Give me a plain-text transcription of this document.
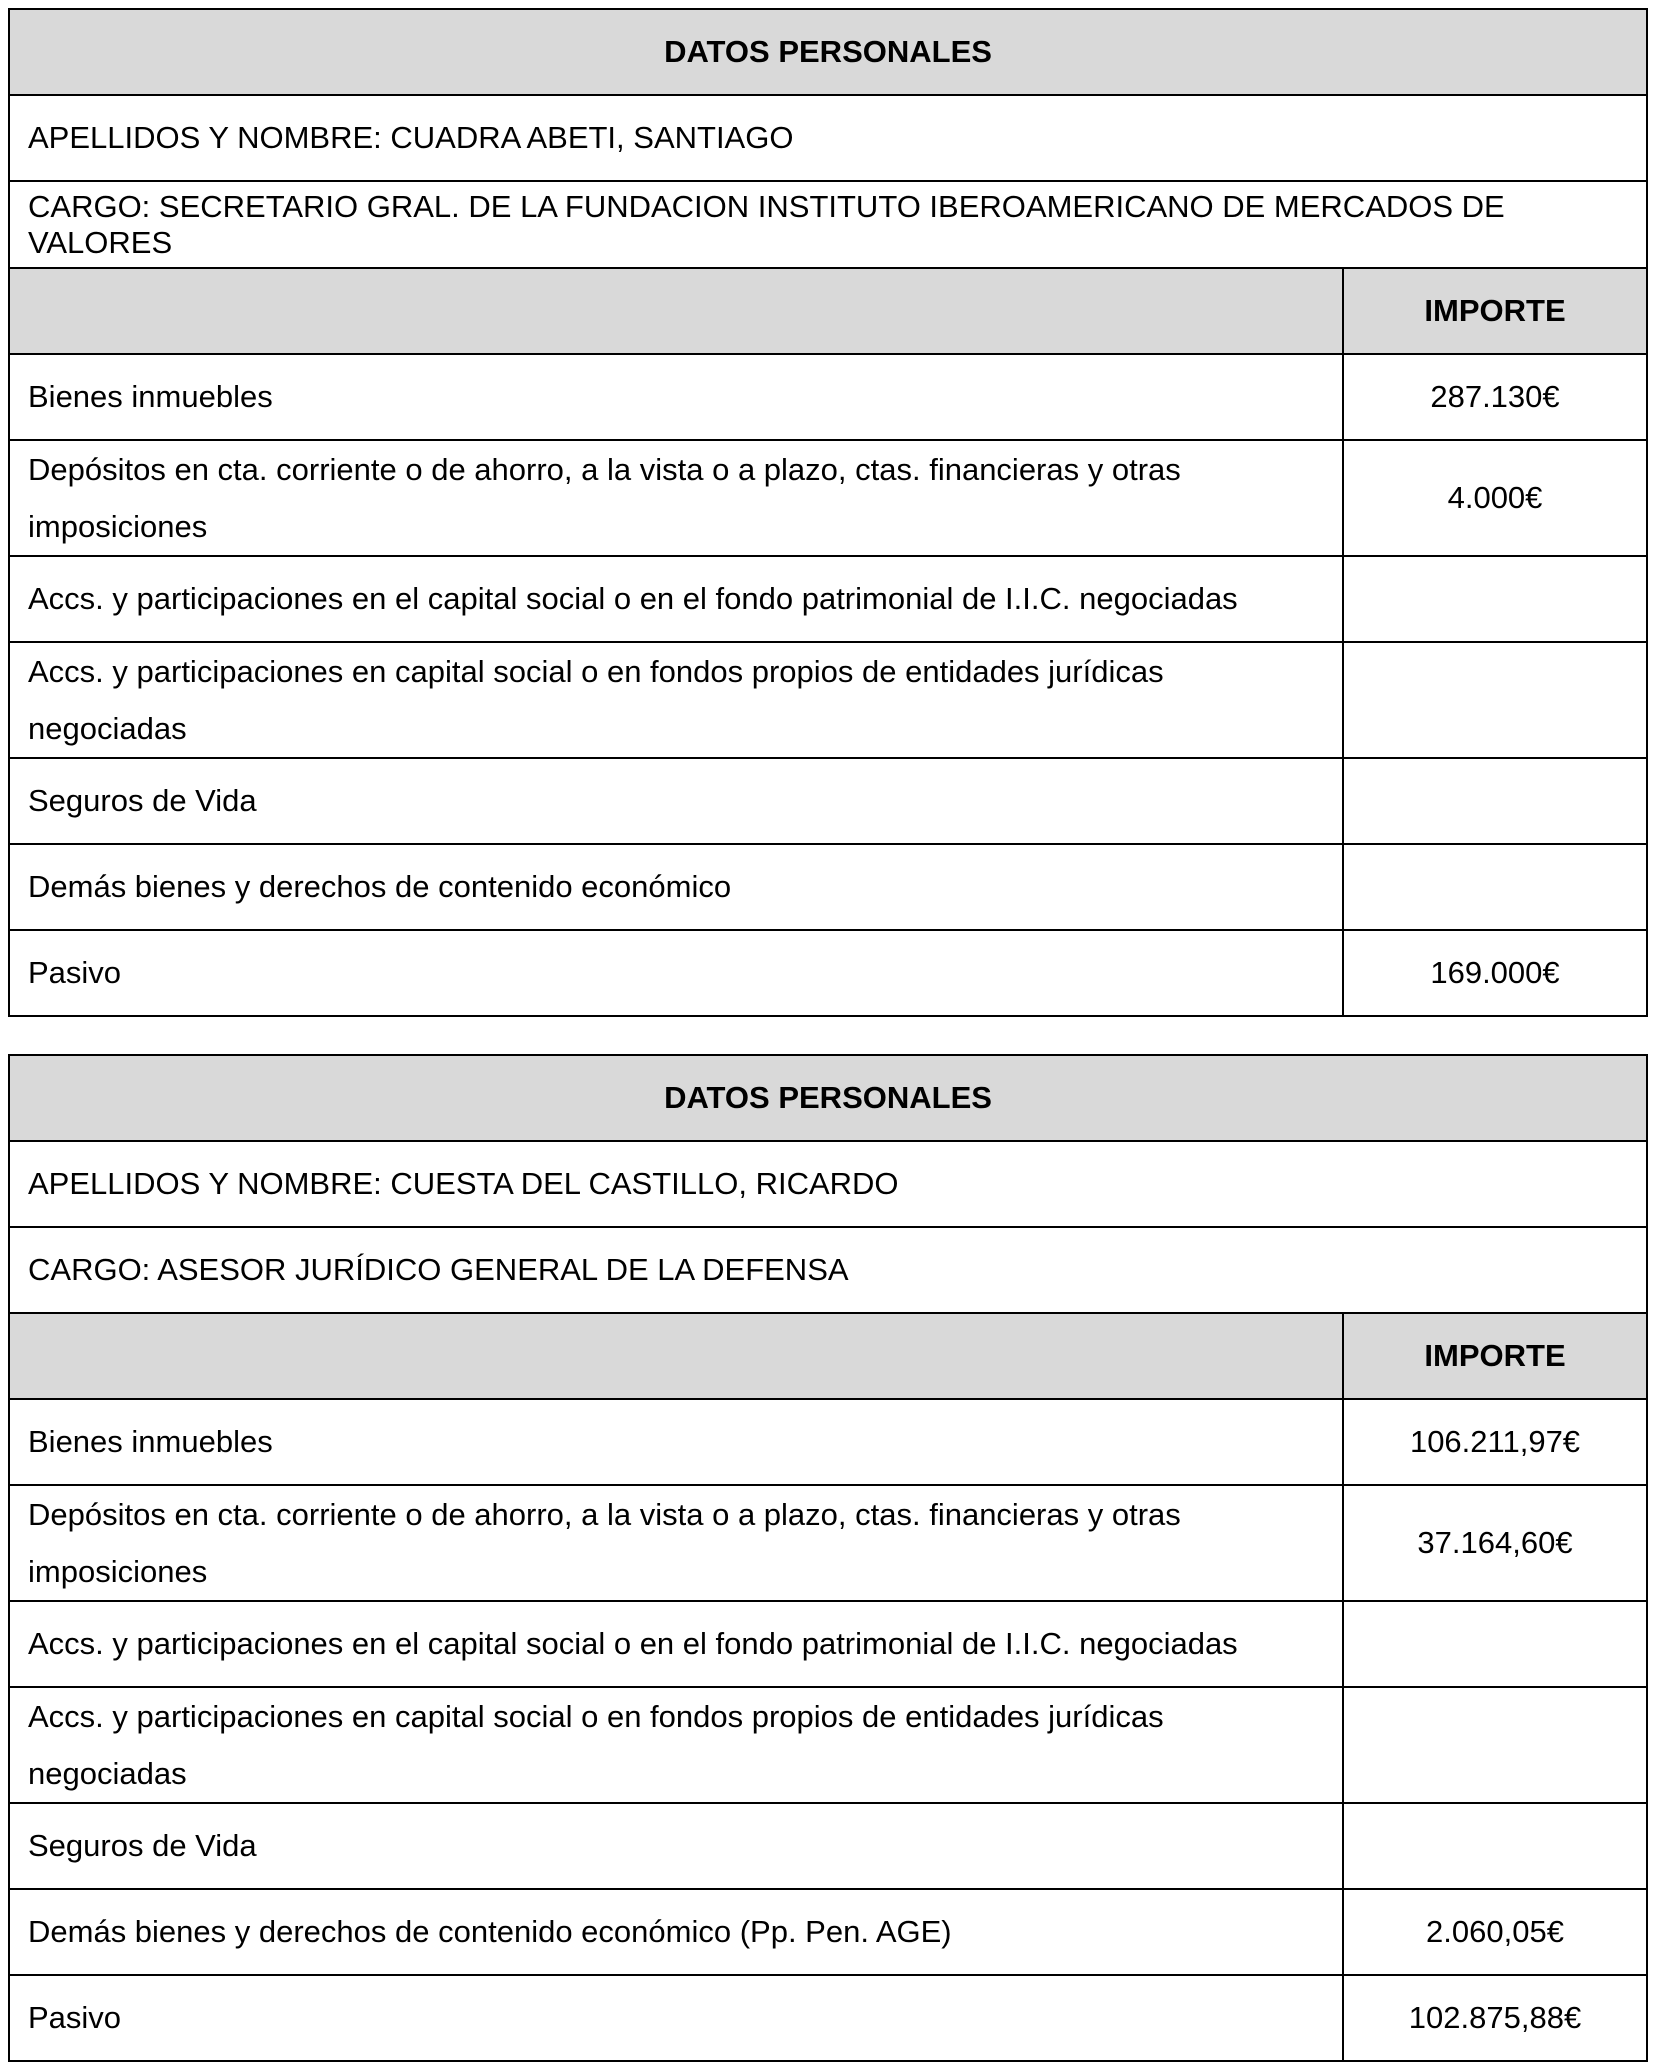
DATOS PERSONALES	
APELLIDOS Y NOMBRE: CUADRA ABETI, SANTIAGO	
CARGO: SECRETARIO GRAL. DE LA FUNDACION INSTITUTO IBEROAMERICANO DE MERCADOS DE VALORES	
	IMPORTE
Bienes inmuebles	287.130€
Depósitos en cta. corriente o de ahorro, a la vista o a plazo, ctas. financieras y otras imposiciones	4.000€
Accs. y participaciones en el capital social o en el fondo patrimonial de I.I.C. negociadas	
Accs. y participaciones en capital social o en fondos propios de entidades jurídicas negociadas	
Seguros de Vida	
Demás bienes y derechos de contenido económico	
Pasivo	169.000€
DATOS PERSONALES	
APELLIDOS Y NOMBRE: CUESTA DEL CASTILLO, RICARDO	
CARGO: ASESOR JURÍDICO GENERAL DE LA DEFENSA	
	IMPORTE
Bienes inmuebles	106.211,97€
Depósitos en cta. corriente o de ahorro, a la vista o a plazo, ctas. financieras y otras imposiciones	37.164,60€
Accs. y participaciones en el capital social o en el fondo patrimonial de I.I.C. negociadas	
Accs. y participaciones en capital social o en fondos propios de entidades jurídicas negociadas	
Seguros de Vida	
Demás bienes y derechos de contenido económico (Pp. Pen. AGE)	2.060,05€
Pasivo	102.875,88€
